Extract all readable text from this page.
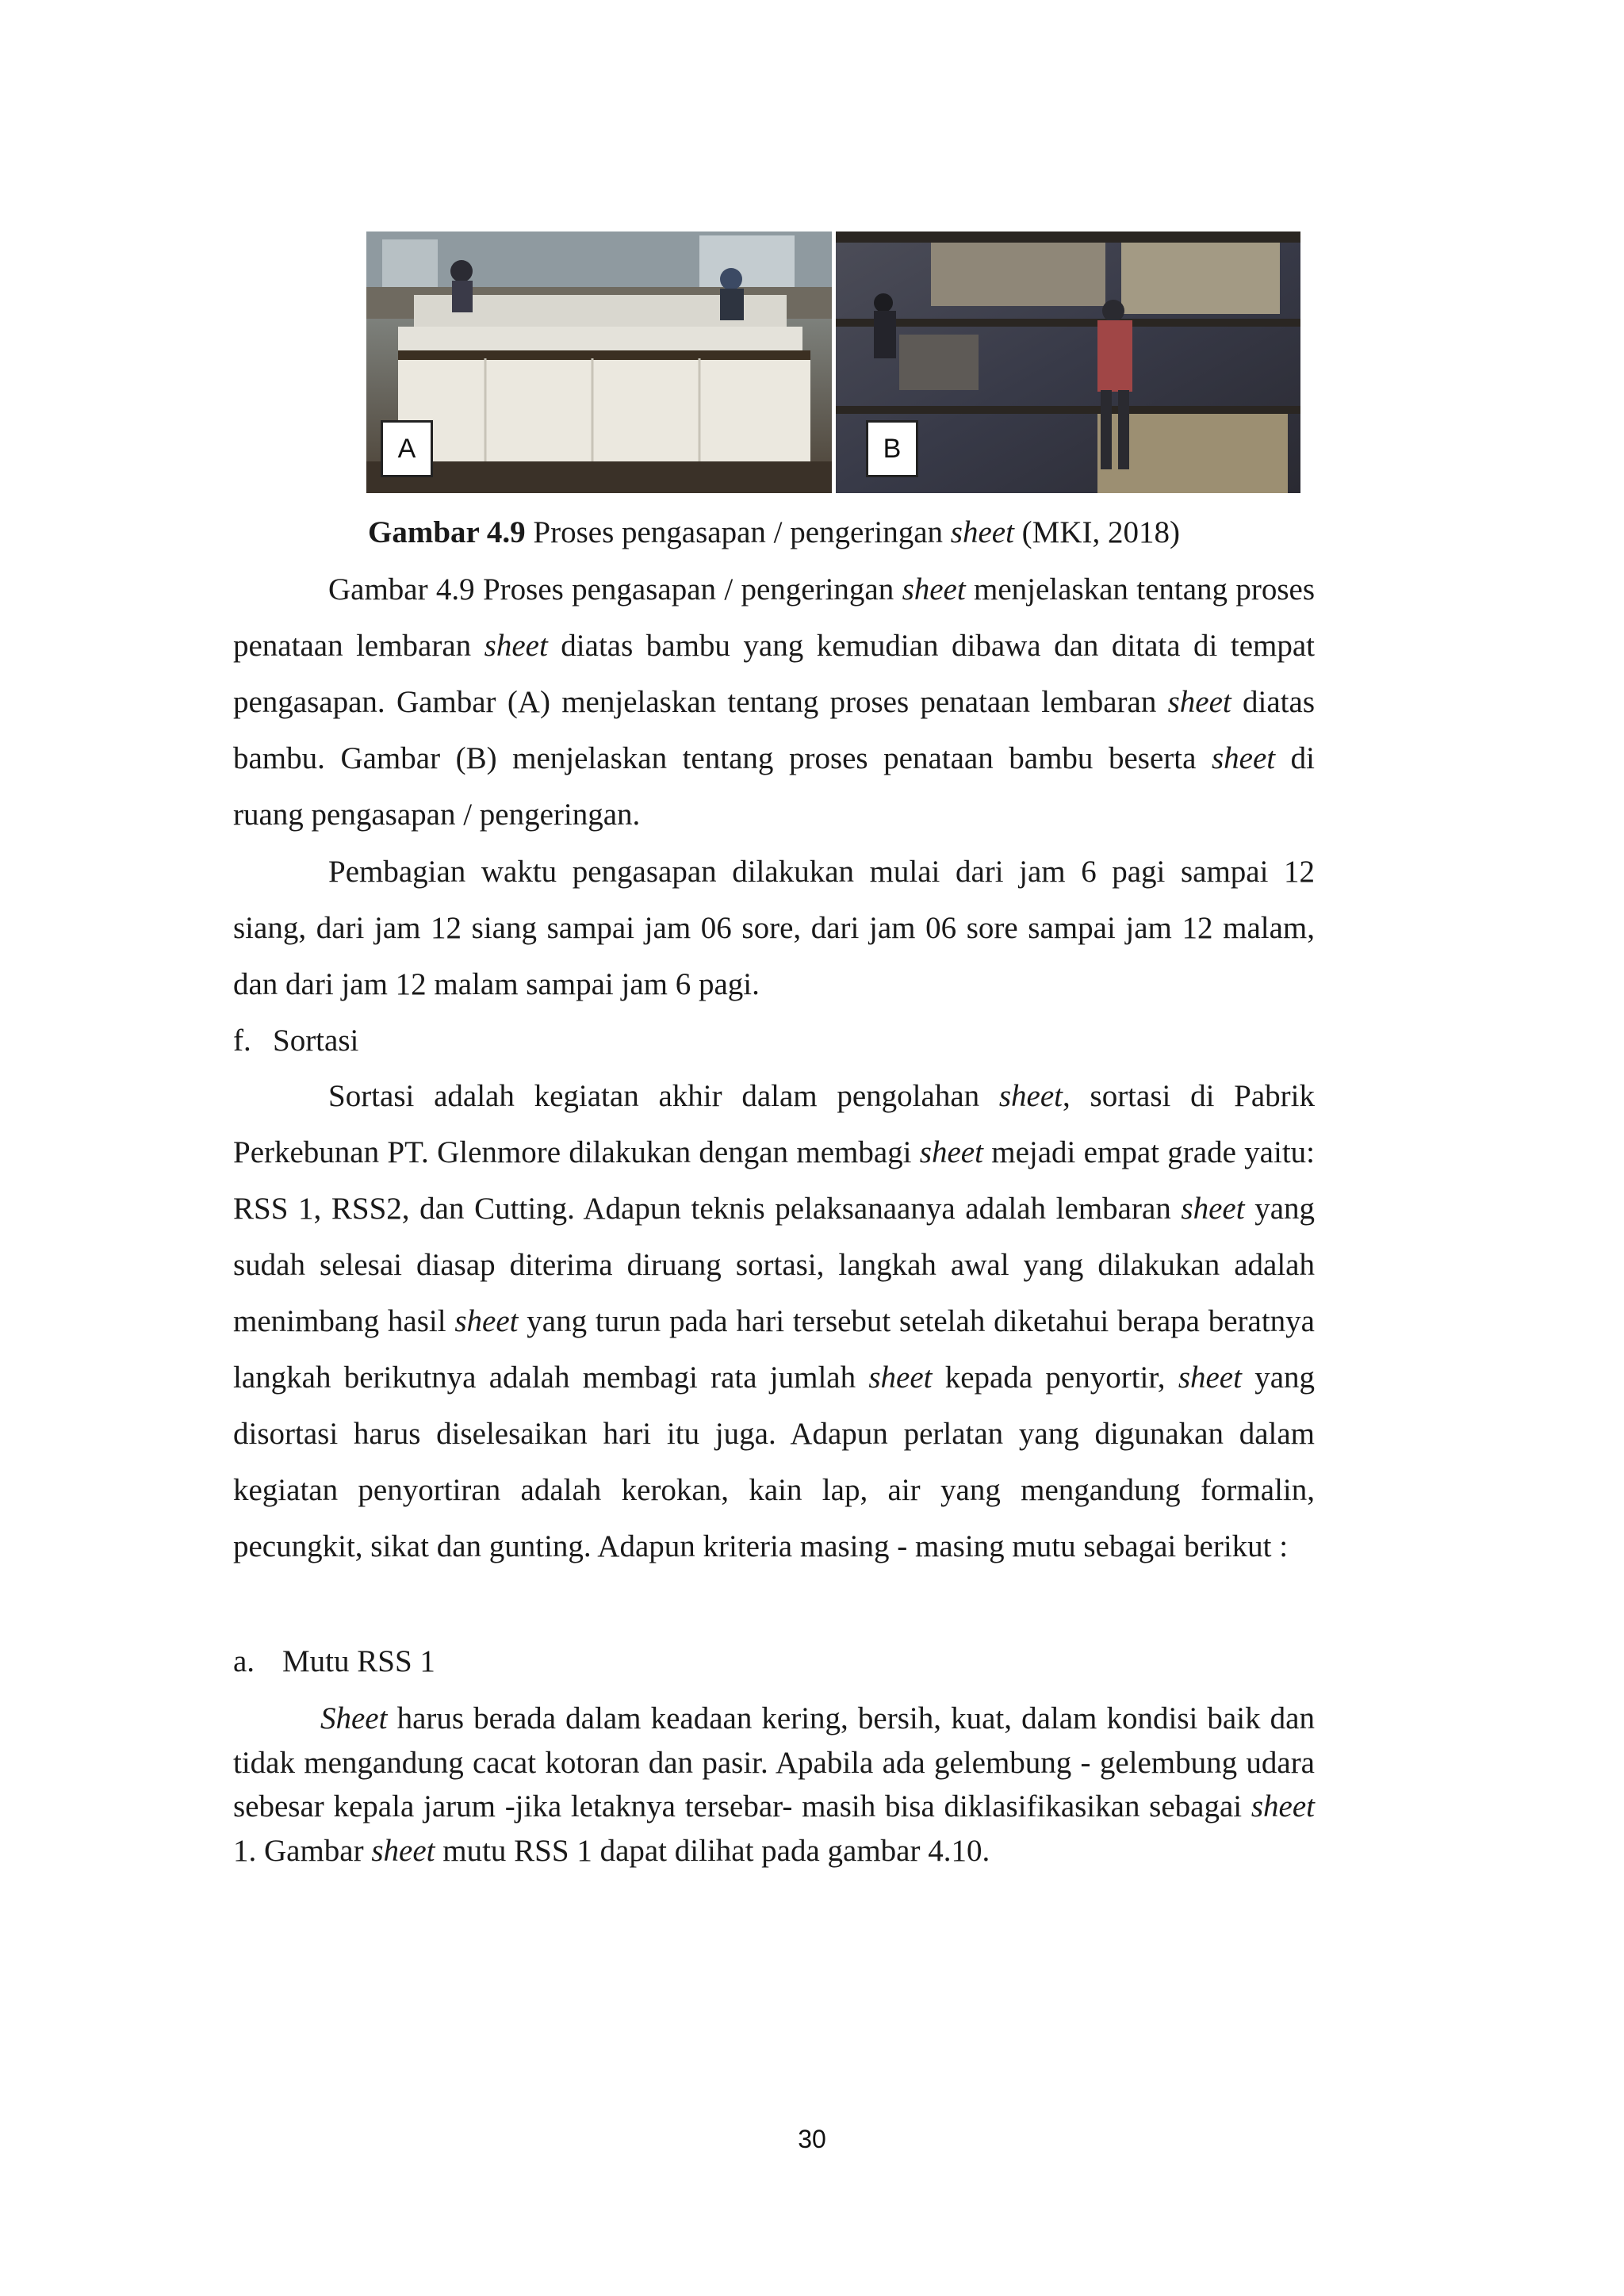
A	B
Gambar 4.9 Proses pengasapan / pengeringan sheet (MKI, 2018)

Gambar 4.9 Proses pengasapan / pengeringan sheet menjelaskan tentang proses penataan lembaran sheet diatas bambu yang kemudian dibawa dan ditata di tempat pengasapan. Gambar (A) menjelaskan tentang proses penataan lembaran sheet diatas bambu. Gambar (B) menjelaskan tentang proses penataan bambu beserta sheet di ruang pengasapan / pengeringan.

Pembagian waktu pengasapan dilakukan mulai dari jam 6 pagi sampai 12 siang, dari jam 12 siang sampai jam 06 sore, dari jam 06 sore sampai jam 12 malam, dan dari jam 12 malam sampai jam 6 pagi.

f. Sortasi

Sortasi adalah kegiatan akhir dalam pengolahan sheet, sortasi di Pabrik Perkebunan PT. Glenmore dilakukan dengan membagi sheet mejadi empat grade yaitu: RSS 1, RSS2, dan Cutting. Adapun teknis pelaksanaanya adalah lembaran sheet yang sudah selesai diasap diterima diruang sortasi, langkah awal yang dilakukan adalah menimbang hasil sheet yang turun pada hari tersebut setelah diketahui berapa beratnya langkah berikutnya adalah membagi rata jumlah sheet kepada penyortir, sheet yang disortasi harus diselesaikan hari itu juga. Adapun perlatan yang digunakan dalam kegiatan penyortiran adalah kerokan, kain lap, air yang mengandung formalin, pecungkit, sikat dan gunting. Adapun kriteria masing - masing mutu sebagai berikut :

a. Mutu RSS 1

Sheet harus berada dalam keadaan kering, bersih, kuat, dalam kondisi baik dan tidak mengandung cacat kotoran dan pasir. Apabila ada gelembung - gelembung udara sebesar kepala jarum -jika letaknya tersebar- masih bisa diklasifikasikan sebagai sheet 1. Gambar sheet mutu RSS 1 dapat dilihat pada gambar 4.10.

30
